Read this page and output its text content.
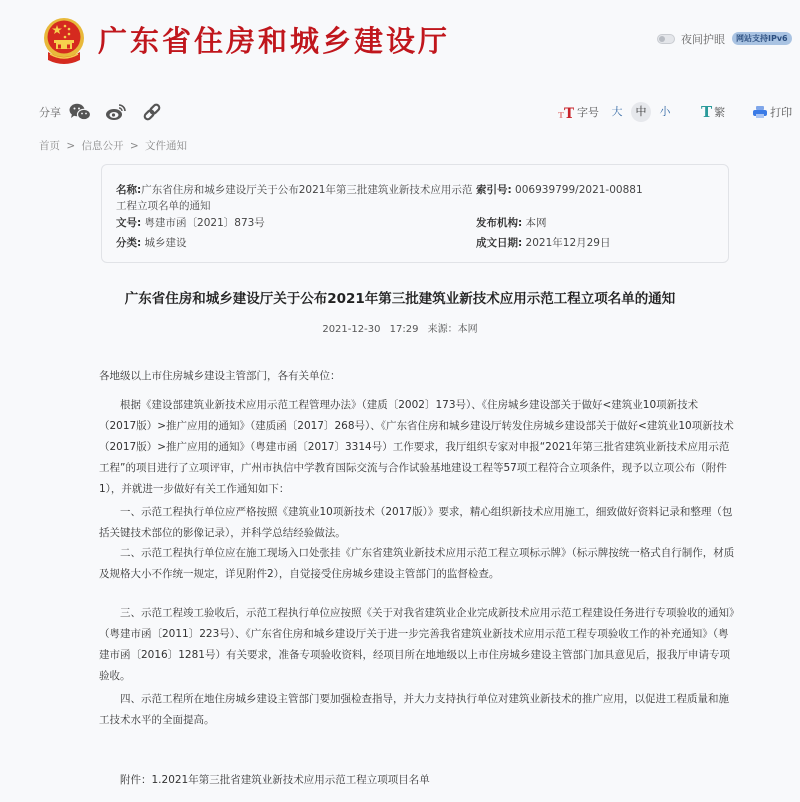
广东省住房和城乡建设厅	夜间护眼	网站支持IPv6
分享	T T 字号	大	中	小	T 繁	打印
首页 > 信息公开 > 文件通知
名称:广东省住房和城乡建设厅关于公布2021年第三批建筑业新技术应用示范工程立项名单的通知
索引号: 006939799/2021-00881
文号: 粤建市函〔2021〕873号	发布机构: 本网
分类: 城乡建设	成文日期: 2021年12月29日
广东省住房和城乡建设厅关于公布2021年第三批建筑业新技术应用示范工程立项名单的通知
2021-12-30 17:29 来源：本网
各地级以上市住房城乡建设主管部门，各有关单位：

根据《建设部建筑业新技术应用示范工程管理办法》（建质〔2002〕173号）、《住房城乡建设部关于做好<建筑业10项新技术（2017版）>推广应用的通知》（建质函〔2017〕268号）、《广东省住房和城乡建设厅转发住房城乡建设部关于做好<建筑业10项新技术（2017版）>推广应用的通知》（粤建市函〔2017〕3314号）工作要求，我厅组织专家对申报“2021年第三批省建筑业新技术应用示范工程”的项目进行了立项评审，广州市执信中学教育国际交流与合作试验基地建设工程等57项工程符合立项条件，现予以立项公布（附件1），并就进一步做好有关工作通知如下：

一、示范工程执行单位应严格按照《建筑业10项新技术（2017版）》要求，精心组织新技术应用施工，细致做好资料记录和整理（包括关键技术部位的影像记录），并科学总结经验做法。

二、示范工程执行单位应在施工现场入口处张挂《广东省建筑业新技术应用示范工程立项标示牌》（标示牌按统一格式自行制作，材质及规格大小不作统一规定，详见附件2），自觉接受住房城乡建设主管部门的监督检查。

三、示范工程竣工验收后，示范工程执行单位应按照《关于对我省建筑业企业完成新技术应用示范工程建设任务进行专项验收的通知》（粤建市函〔2011〕223号）、《广东省住房和城乡建设厅关于进一步完善我省建筑业新技术应用示范工程专项验收工作的补充通知》（粤建市函〔2016〕1281号）有关要求，准备专项验收资料，经项目所在地地级以上市住房城乡建设主管部门加具意见后，报我厅申请专项验收。

四、示范工程所在地住房城乡建设主管部门要加强检查指导，并大力支持执行单位对建筑业新技术的推广应用，以促进工程质量和施工技术水平的全面提高。

附件：1.2021年第三批省建筑业新技术应用示范工程立项项目名单
